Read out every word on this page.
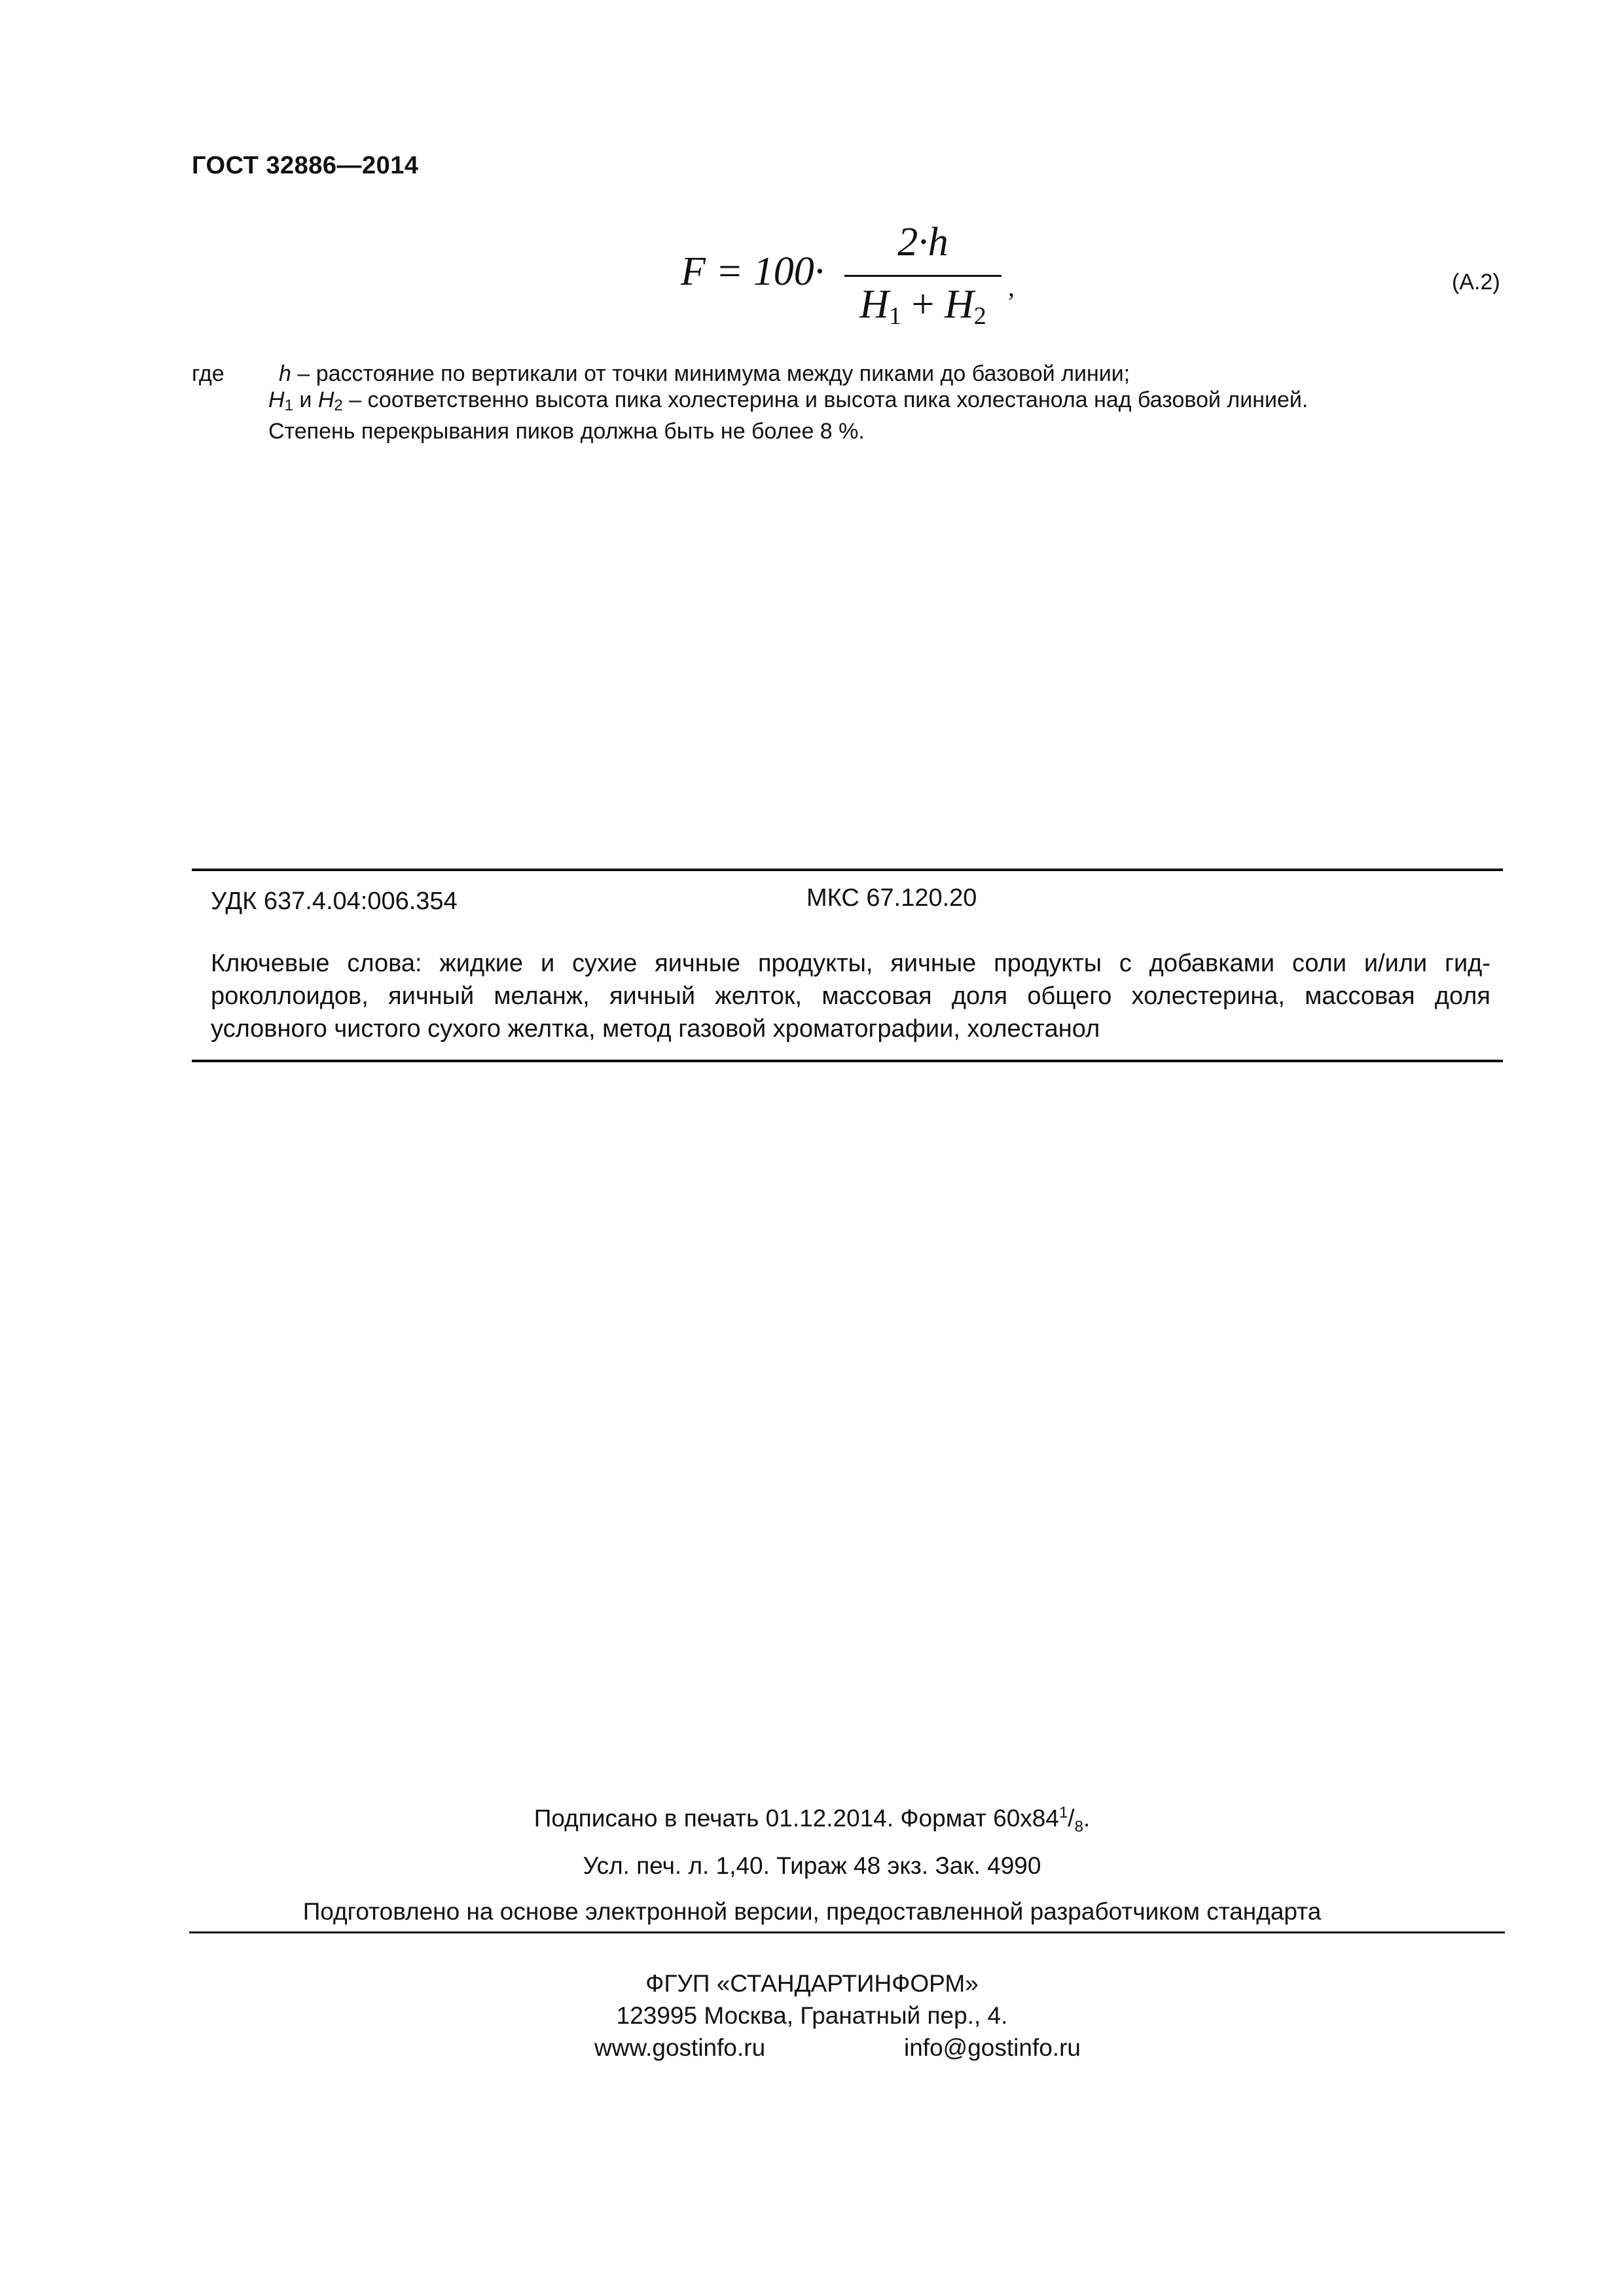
ГОСТ 32886—2014
F = 100·
2·h
$H_1 + H_2$
,	(А.2)
где h – расстояние по вертикали от точки минимума между пиками до базовой линии;
$H_1$ и $H_2$ – соответственно высота пика холестерина и высота пика холестанола над базовой линией.
Степень перекрывания пиков должна быть не более 8 %.
УДК 637.4.04:006.354	МКС 67.120.20
Ключевые слова: жидкие и сухие яичные продукты, яичные продукты с добавками соли и/или гид-
роколлоидов, яичный меланж, яичный желток, массовая доля общего холестерина, массовая доля
условного чистого сухого желтка, метод газовой хроматографии, холестанол
Подписано в печать 01.12.2014. Формат $60x84^1/_8$.
Усл. печ. л. 1,40. Тираж 48 экз. Зак. 4990
Подготовлено на основе электронной версии, предоставленной разработчиком стандарта
ФГУП «СТАНДАРТИНФОРМ»
123995 Москва, Гранатный пер., 4.
www.gostinfo.ru	info@gostinfo.ru
